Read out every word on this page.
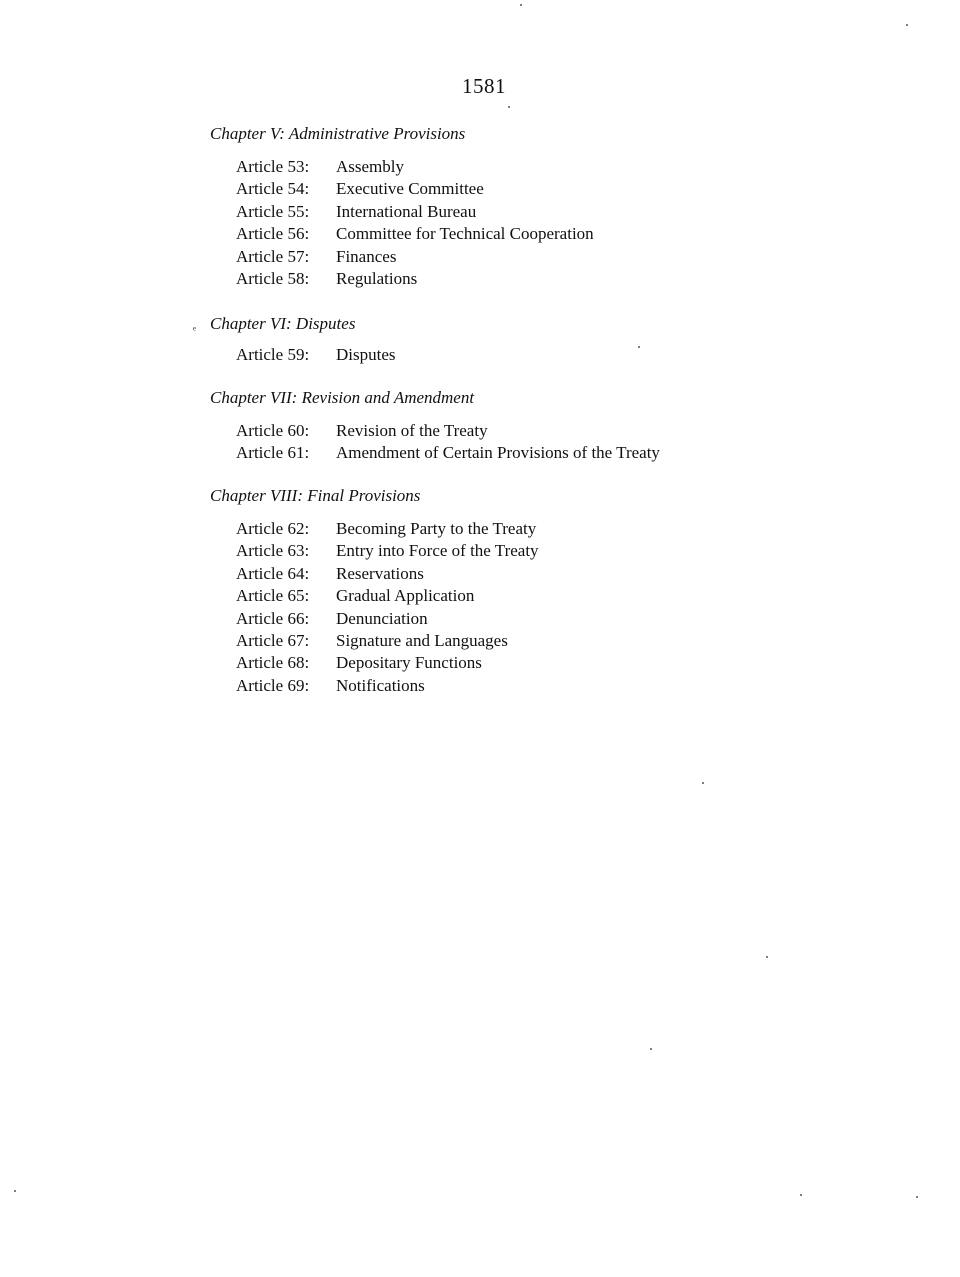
1581
ᵉ
Chapter V: Administrative Provisions
Article 53: Assembly
Article 54: Executive Committee
Article 55: International Bureau
Article 56: Committee for Technical Cooperation
Article 57: Finances
Article 58: Regulations
Chapter VI: Disputes
Article 59: Disputes
Chapter VII: Revision and Amendment
Article 60: Revision of the Treaty
Article 61: Amendment of Certain Provisions of the Treaty
Chapter VIII: Final Provisions
Article 62: Becoming Party to the Treaty
Article 63: Entry into Force of the Treaty
Article 64: Reservations
Article 65: Gradual Application
Article 66: Denunciation
Article 67: Signature and Languages
Article 68: Depositary Functions
Article 69: Notifications
